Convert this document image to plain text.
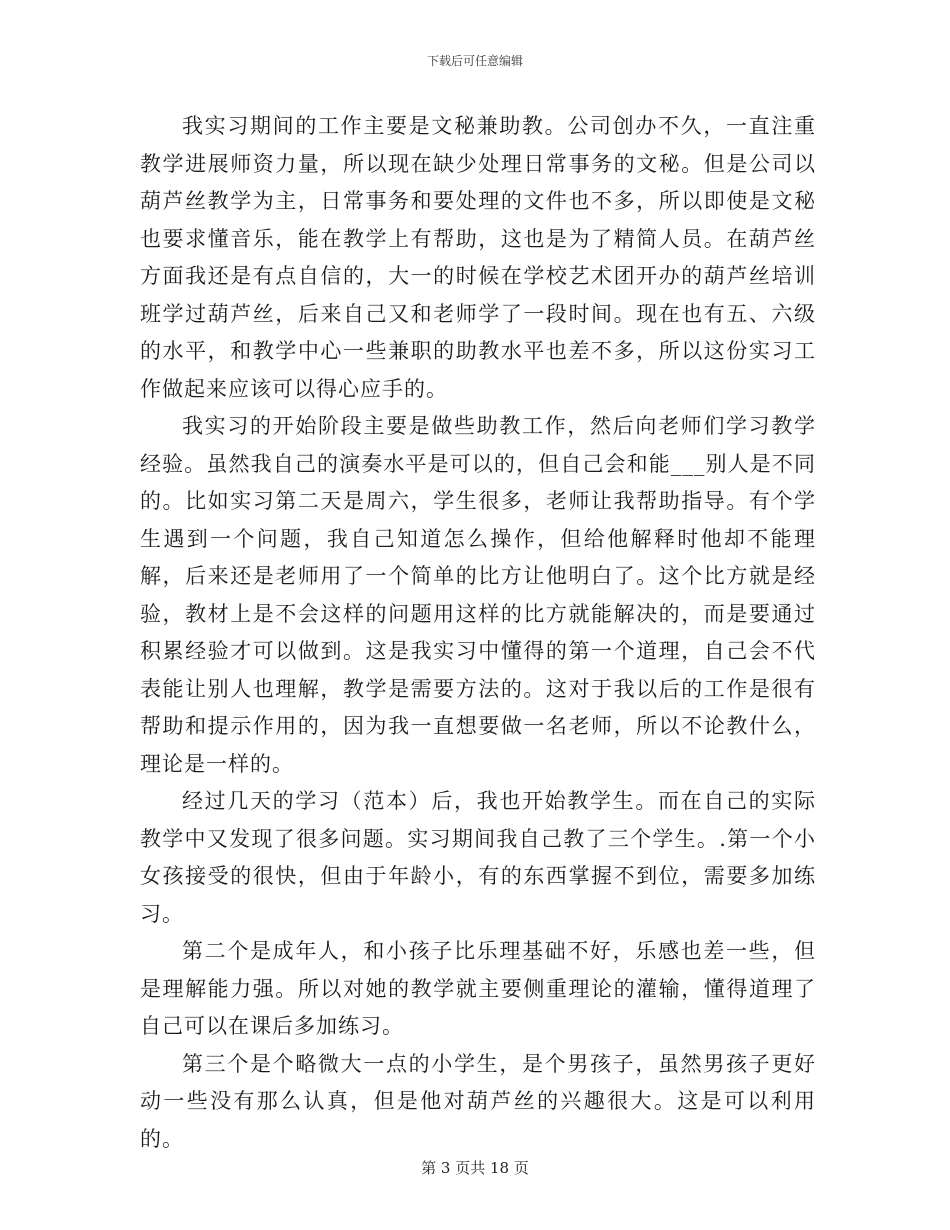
下载后可任意编辑

我实习期间的工作主要是文秘兼助教。公司创办不久，一直注重教学进展师资力量，所以现在缺少处理日常事务的文秘。但是公司以葫芦丝教学为主，日常事务和要处理的文件也不多，所以即使是文秘也要求懂音乐，能在教学上有帮助，这也是为了精简人员。在葫芦丝方面我还是有点自信的，大一的时候在学校艺术团开办的葫芦丝培训班学过葫芦丝，后来自己又和老师学了一段时间。现在也有五、六级的水平，和教学中心一些兼职的助教水平也差不多，所以这份实习工作做起来应该可以得心应手的。

我实习的开始阶段主要是做些助教工作，然后向老师们学习教学经验。虽然我自己的演奏水平是可以的，但自己会和能___别人是不同的。比如实习第二天是周六，学生很多，老师让我帮助指导。有个学生遇到一个问题，我自己知道怎么操作，但给他解释时他却不能理解，后来还是老师用了一个简单的比方让他明白了。这个比方就是经验，教材上是不会这样的问题用这样的比方就能解决的，而是要通过积累经验才可以做到。这是我实习中懂得的第一个道理，自己会不代表能让别人也理解，教学是需要方法的。这对于我以后的工作是很有帮助和提示作用的，因为我一直想要做一名老师，所以不论教什么，理论是一样的。

经过几天的学习（范本）后，我也开始教学生。而在自己的实际教学中又发现了很多问题。实习期间我自己教了三个学生。.第一个小女孩接受的很快，但由于年龄小，有的东西掌握不到位，需要多加练习。

第二个是成年人，和小孩子比乐理基础不好，乐感也差一些，但是理解能力强。所以对她的教学就主要侧重理论的灌输，懂得道理了自己可以在课后多加练习。

第三个是个略微大一点的小学生，是个男孩子，虽然男孩子更好动一些没有那么认真，但是他对葫芦丝的兴趣很大。这是可以利用的。

第 3 页共 18 页
